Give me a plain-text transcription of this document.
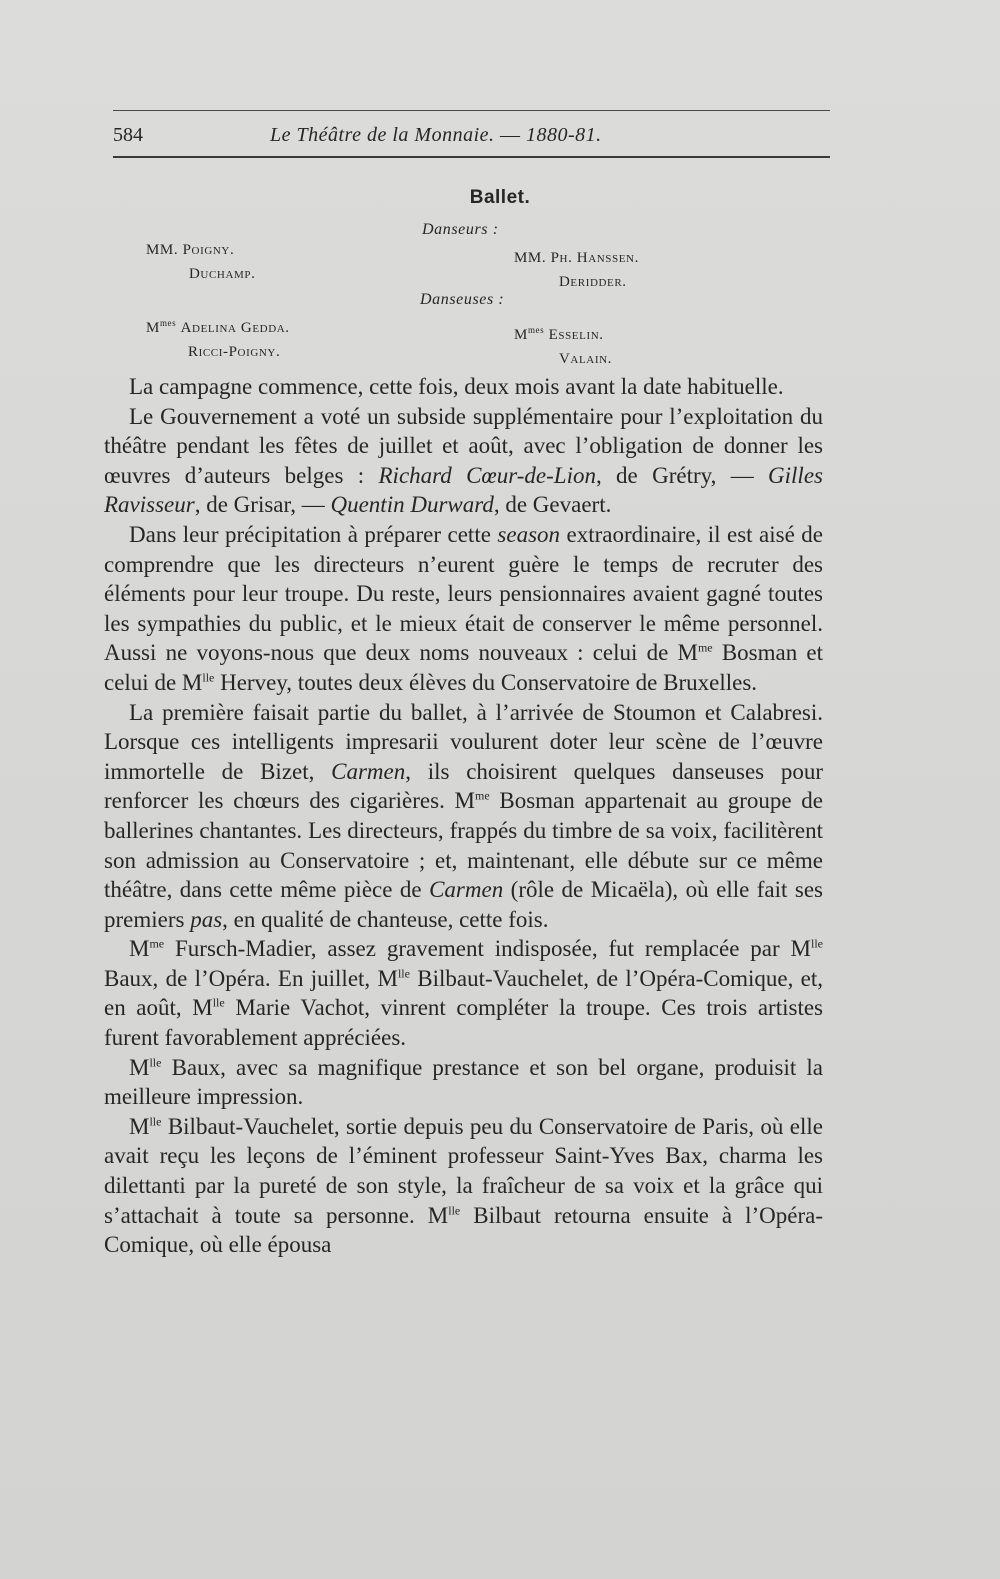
584	Le Théâtre de la Monnaie. — 1880-81.
Ballet.
Danseurs :
MM. Poigny.
Duchamp.
MM. Ph. Hanssen.
Deridder.
Danseuses :
$M^{mes}$ Adelina Gedda.
Ricci-Poigny.
$M^{mes}$ Esselin.
Valain.

La campagne commence, cette fois, deux mois avant la date habituelle.

Le Gouvernement a voté un subside supplémentaire pour l’exploitation du théâtre pendant les fêtes de juillet et août, avec l’obligation de donner les œuvres d’auteurs belges : Richard Cœur-de-Lion, de Grétry, — Gilles Ravisseur, de Grisar, — Quentin Durward, de Gevaert.

Dans leur précipitation à préparer cette season extraordinaire, il est aisé de comprendre que les directeurs n’eurent guère le temps de recruter des éléments pour leur troupe. Du reste, leurs pensionnaires avaient gagné toutes les sympathies du public, et le mieux était de conserver le même personnel. Aussi ne voyons-nous que deux noms nouveaux : celui de $M^{me}$ Bosman et celui de $M^{lle}$ Hervey, toutes deux élèves du Conservatoire de Bruxelles.

La première faisait partie du ballet, à l’arrivée de Stoumon et Calabresi. Lorsque ces intelligents impresarii voulurent doter leur scène de l’œuvre immortelle de Bizet, Carmen, ils choisirent quelques danseuses pour renforcer les chœurs des cigarières. $M^{me}$ Bosman appartenait au groupe de ballerines chantantes. Les directeurs, frappés du timbre de sa voix, facilitèrent son admission au Conservatoire ; et, maintenant, elle débute sur ce même théâtre, dans cette même pièce de Carmen (rôle de Micaëla), où elle fait ses premiers pas, en qualité de chanteuse, cette fois.

$M^{me}$ Fursch-Madier, assez gravement indisposée, fut remplacée par $M^{lle}$ Baux, de l’Opéra. En juillet, $M^{lle}$ Bilbaut-Vauchelet, de l’Opéra-Comique, et, en août, $M^{lle}$ Marie Vachot, vinrent compléter la troupe. Ces trois artistes furent favorablement appréciées.

$M^{lle}$ Baux, avec sa magnifique prestance et son bel organe, produisit la meilleure impression.

$M^{lle}$ Bilbaut-Vauchelet, sortie depuis peu du Conservatoire de Paris, où elle avait reçu les leçons de l’éminent professeur Saint-Yves Bax, charma les dilettanti par la pureté de son style, la fraîcheur de sa voix et la grâce qui s’attachait à toute sa personne. $M^{lle}$ Bilbaut retourna ensuite à l’Opéra-Comique, où elle épousa
